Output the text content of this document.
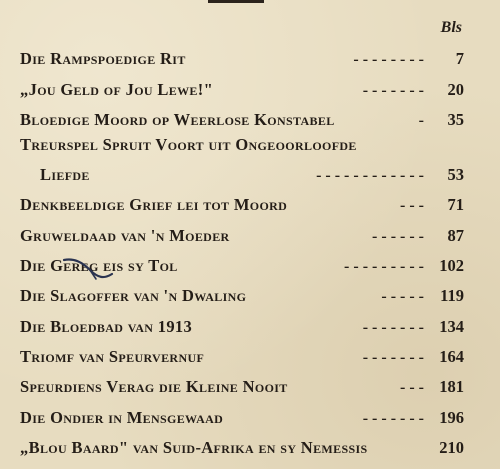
Bls
- - - - - - - -
Die Rampspoedige Rit	7
- - - - - - -
„Jou Geld of Jou Lewe!"	20
-
Bloedige Moord op Weerlose Konstabel	35
Treurspel Spruit Voort uit Ongeoorloofde
- - - - - - - - - - - -
Liefde	53
- - -
Denkbeeldige Grief lei tot Moord	71
- - - - - -
Gruweldaad van 'n Moeder	87
- - - - - - - - -
Die Gereg eis sy Tol	102
- - - - -
Die Slagoffer van 'n Dwaling	119
- - - - - - -
Die Bloedbad van 1913	134
- - - - - - -
Triomf van Speurvernuf	164
- - -
Speurdiens Verag die Kleine Nooit	181
- - - - - - -
Die Ondier in Mensgewaad	196
„Blou Baard" van Suid-Afrika en sy Nemessis	210
